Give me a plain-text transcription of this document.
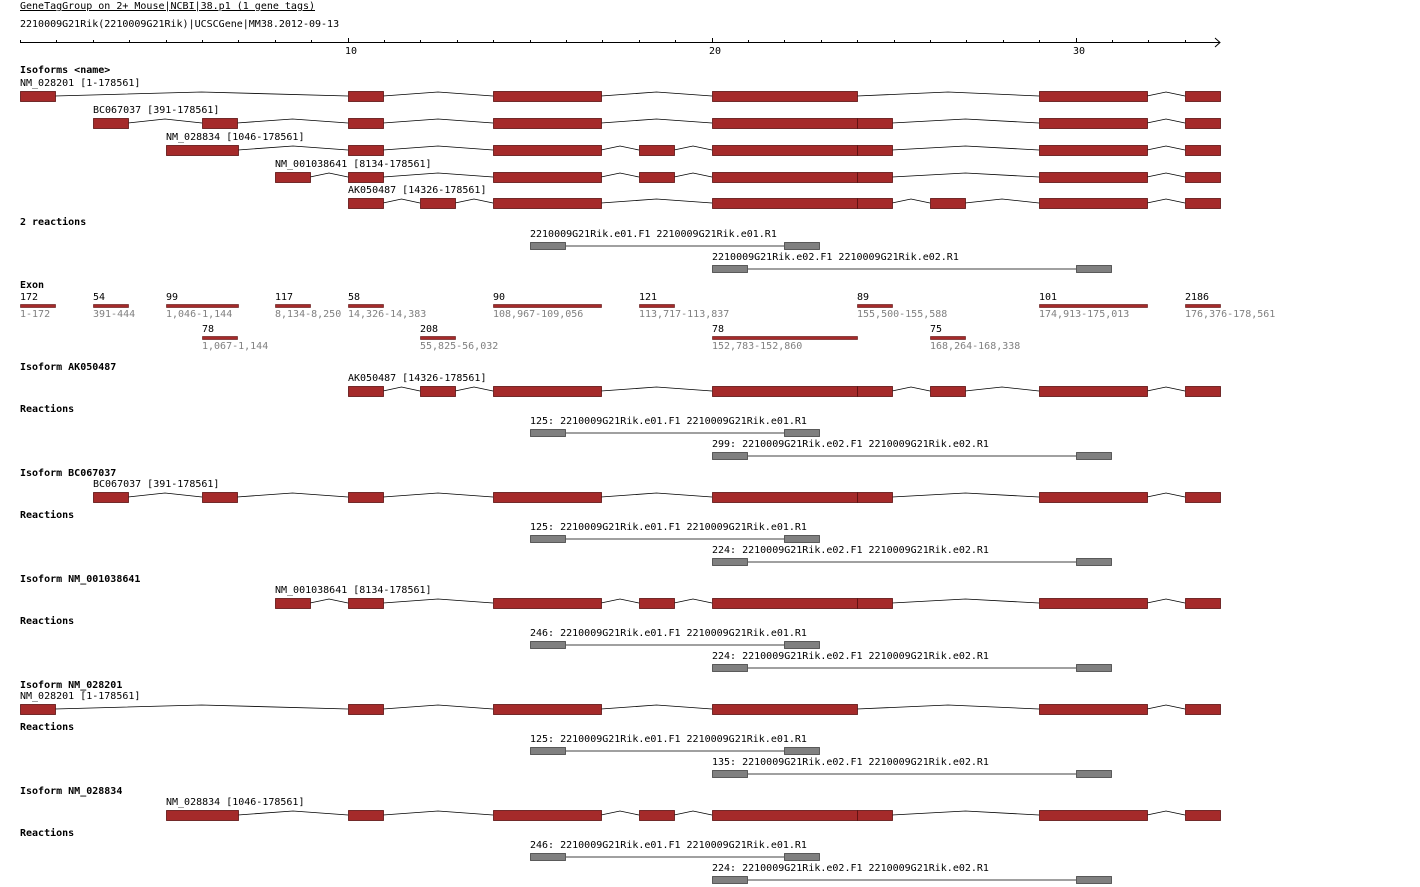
GeneTagGroup on 2+ Mouse|NCBI|38.p1 (1 gene tags)
2210009G21Rik(2210009G21Rik)|UCSCGene|MM38.2012-09-13
Isoforms <name>
2 reactions
Exon
10	20	30
NM_028201 [1-178561]
BC067037 [391-178561]
NM_028834 [1046-178561]
NM_001038641 [8134-178561]
AK050487 [14326-178561]
2210009G21Rik.e01.F1 2210009G21Rik.e01.R1
2210009G21Rik.e02.F1 2210009G21Rik.e02.R1
172
1-172
54
391-444
99
1,046-1,144
117
8,134-8,250
58
14,326-14,383
90
108,967-109,056
121
113,717-113,837
89
155,500-155,588
101
174,913-175,013
2186
176,376-178,561
78
1,067-1,144
208
55,825-56,032
78
152,783-152,860
75
168,264-168,338
Isoform AK050487
AK050487 [14326-178561]
Reactions
125: 2210009G21Rik.e01.F1 2210009G21Rik.e01.R1
299: 2210009G21Rik.e02.F1 2210009G21Rik.e02.R1
Isoform BC067037
BC067037 [391-178561]
Reactions
125: 2210009G21Rik.e01.F1 2210009G21Rik.e01.R1
224: 2210009G21Rik.e02.F1 2210009G21Rik.e02.R1
Isoform NM_001038641
NM_001038641 [8134-178561]
Reactions
246: 2210009G21Rik.e01.F1 2210009G21Rik.e01.R1
224: 2210009G21Rik.e02.F1 2210009G21Rik.e02.R1
Isoform NM_028201
NM_028201 [1-178561]
Reactions
125: 2210009G21Rik.e01.F1 2210009G21Rik.e01.R1
135: 2210009G21Rik.e02.F1 2210009G21Rik.e02.R1
Isoform NM_028834
NM_028834 [1046-178561]
Reactions
246: 2210009G21Rik.e01.F1 2210009G21Rik.e01.R1
224: 2210009G21Rik.e02.F1 2210009G21Rik.e02.R1
